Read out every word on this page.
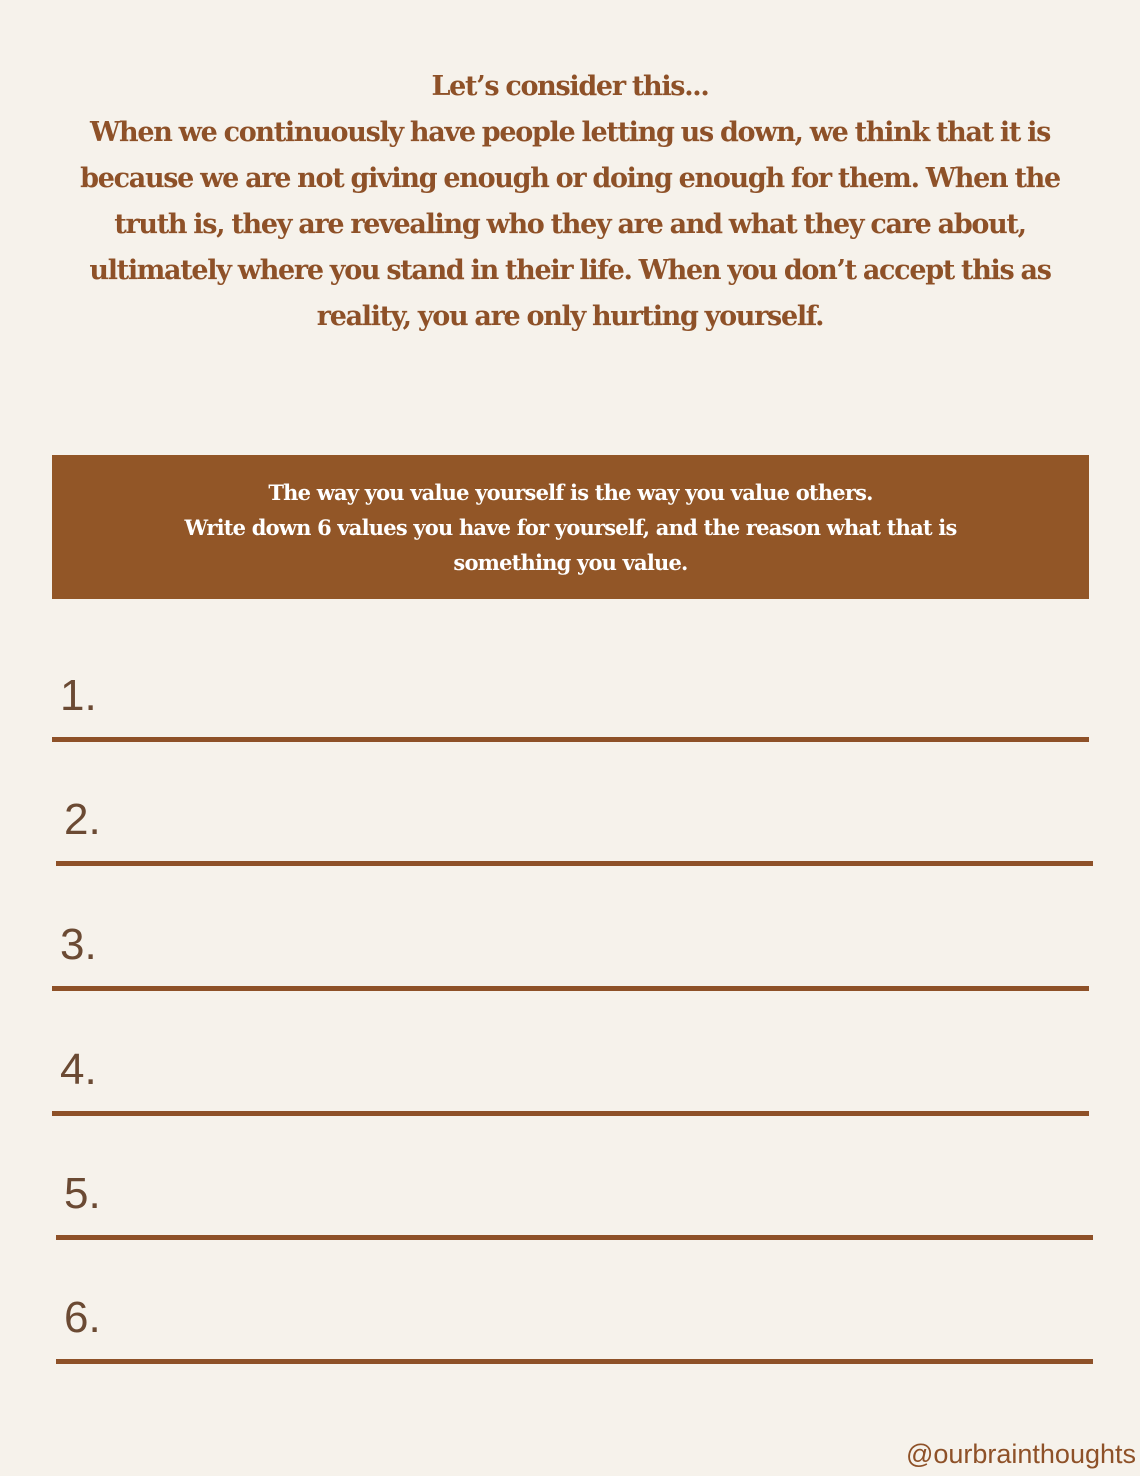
Let’s consider this...
When we continuously have people letting us down, we think that it is
because we are not giving enough or doing enough for them. When the
truth is, they are revealing who they are and what they care about,
ultimately where you stand in their life. When you don’t accept this as
reality, you are only hurting yourself.
The way you value yourself is the way you value others.
Write down 6 values you have for yourself, and the reason what that is
something you value.
1.
2.
3.
4.
5.
6.
@ourbrainthoughts
